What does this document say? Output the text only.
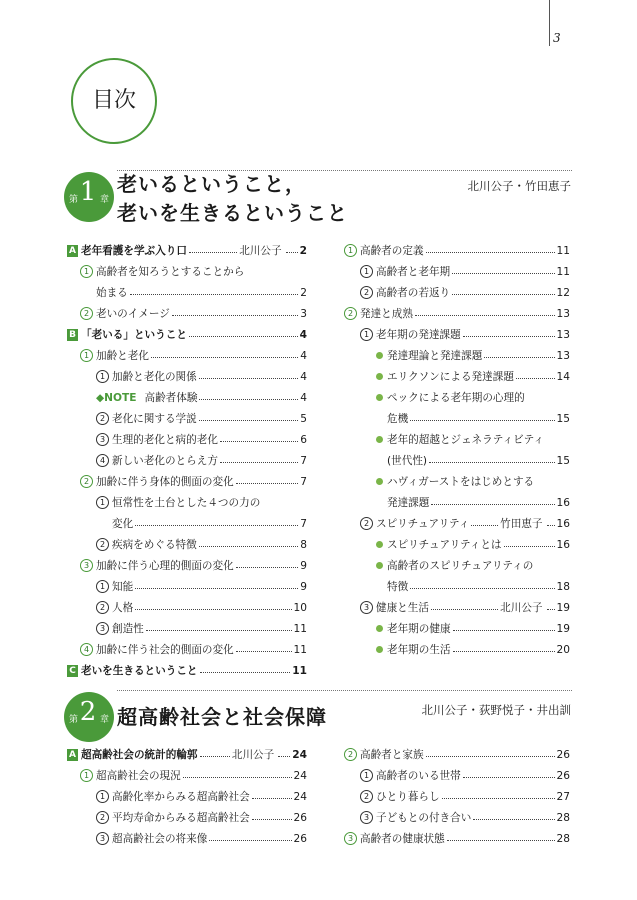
3
目次
第 1 章
老いるということ，
老いを生きるということ
北川公子・竹田恵子
A 老年看護を学ぶ入り口	北川公子 2
1 高齢者を知ろうとすることから
始まる	2
2 老いのイメージ	3
B 「老いる」ということ	4
1 加齢と老化	4
1 加齢と老化の関係	4
◆NOTE 高齢者体験	4
2 老化に関する学説	5
3 生理的老化と病的老化	6
4 新しい老化のとらえ方	7
2 加齢に伴う身体的側面の変化	7
1 恒常性を土台とした４つの力の
変化	7
2 疾病をめぐる特徴	8
3 加齢に伴う心理的側面の変化	9
1 知能	9
2 人格	10
3 創造性	11
4 加齢に伴う社会的側面の変化	11
C 老いを生きるということ	11
1 高齢者の定義	11
1 高齢者と老年期	11
2 高齢者の若返り	12
2 発達と成熟	13
1 老年期の発達課題	13
発達理論と発達課題	13
エリクソンによる発達課題	14
ペックによる老年期の心理的
危機	15
老年的超越とジェネラティビティ
(世代性)	15
ハヴィガーストをはじめとする
発達課題	16
2 スピリチュアリティ	竹田恵子 16
スピリチュアリティとは	16
高齢者のスピリチュアリティの
特徴	18
3 健康と生活	北川公子 19
老年期の健康	19
老年期の生活	20
第 2 章 超高齢社会と社会保障	北川公子・荻野悦子・井出訓
A 超高齢社会の統計的輪郭	北川公子 24
1 超高齢社会の現況	24
1 高齢化率からみる超高齢社会	24
2 平均寿命からみる超高齢社会	26
3 超高齢社会の将来像	26
2 高齢者と家族	26
1 高齢者のいる世帯	26
2 ひとり暮らし	27
3 子どもとの付き合い	28
3 高齢者の健康状態	28
